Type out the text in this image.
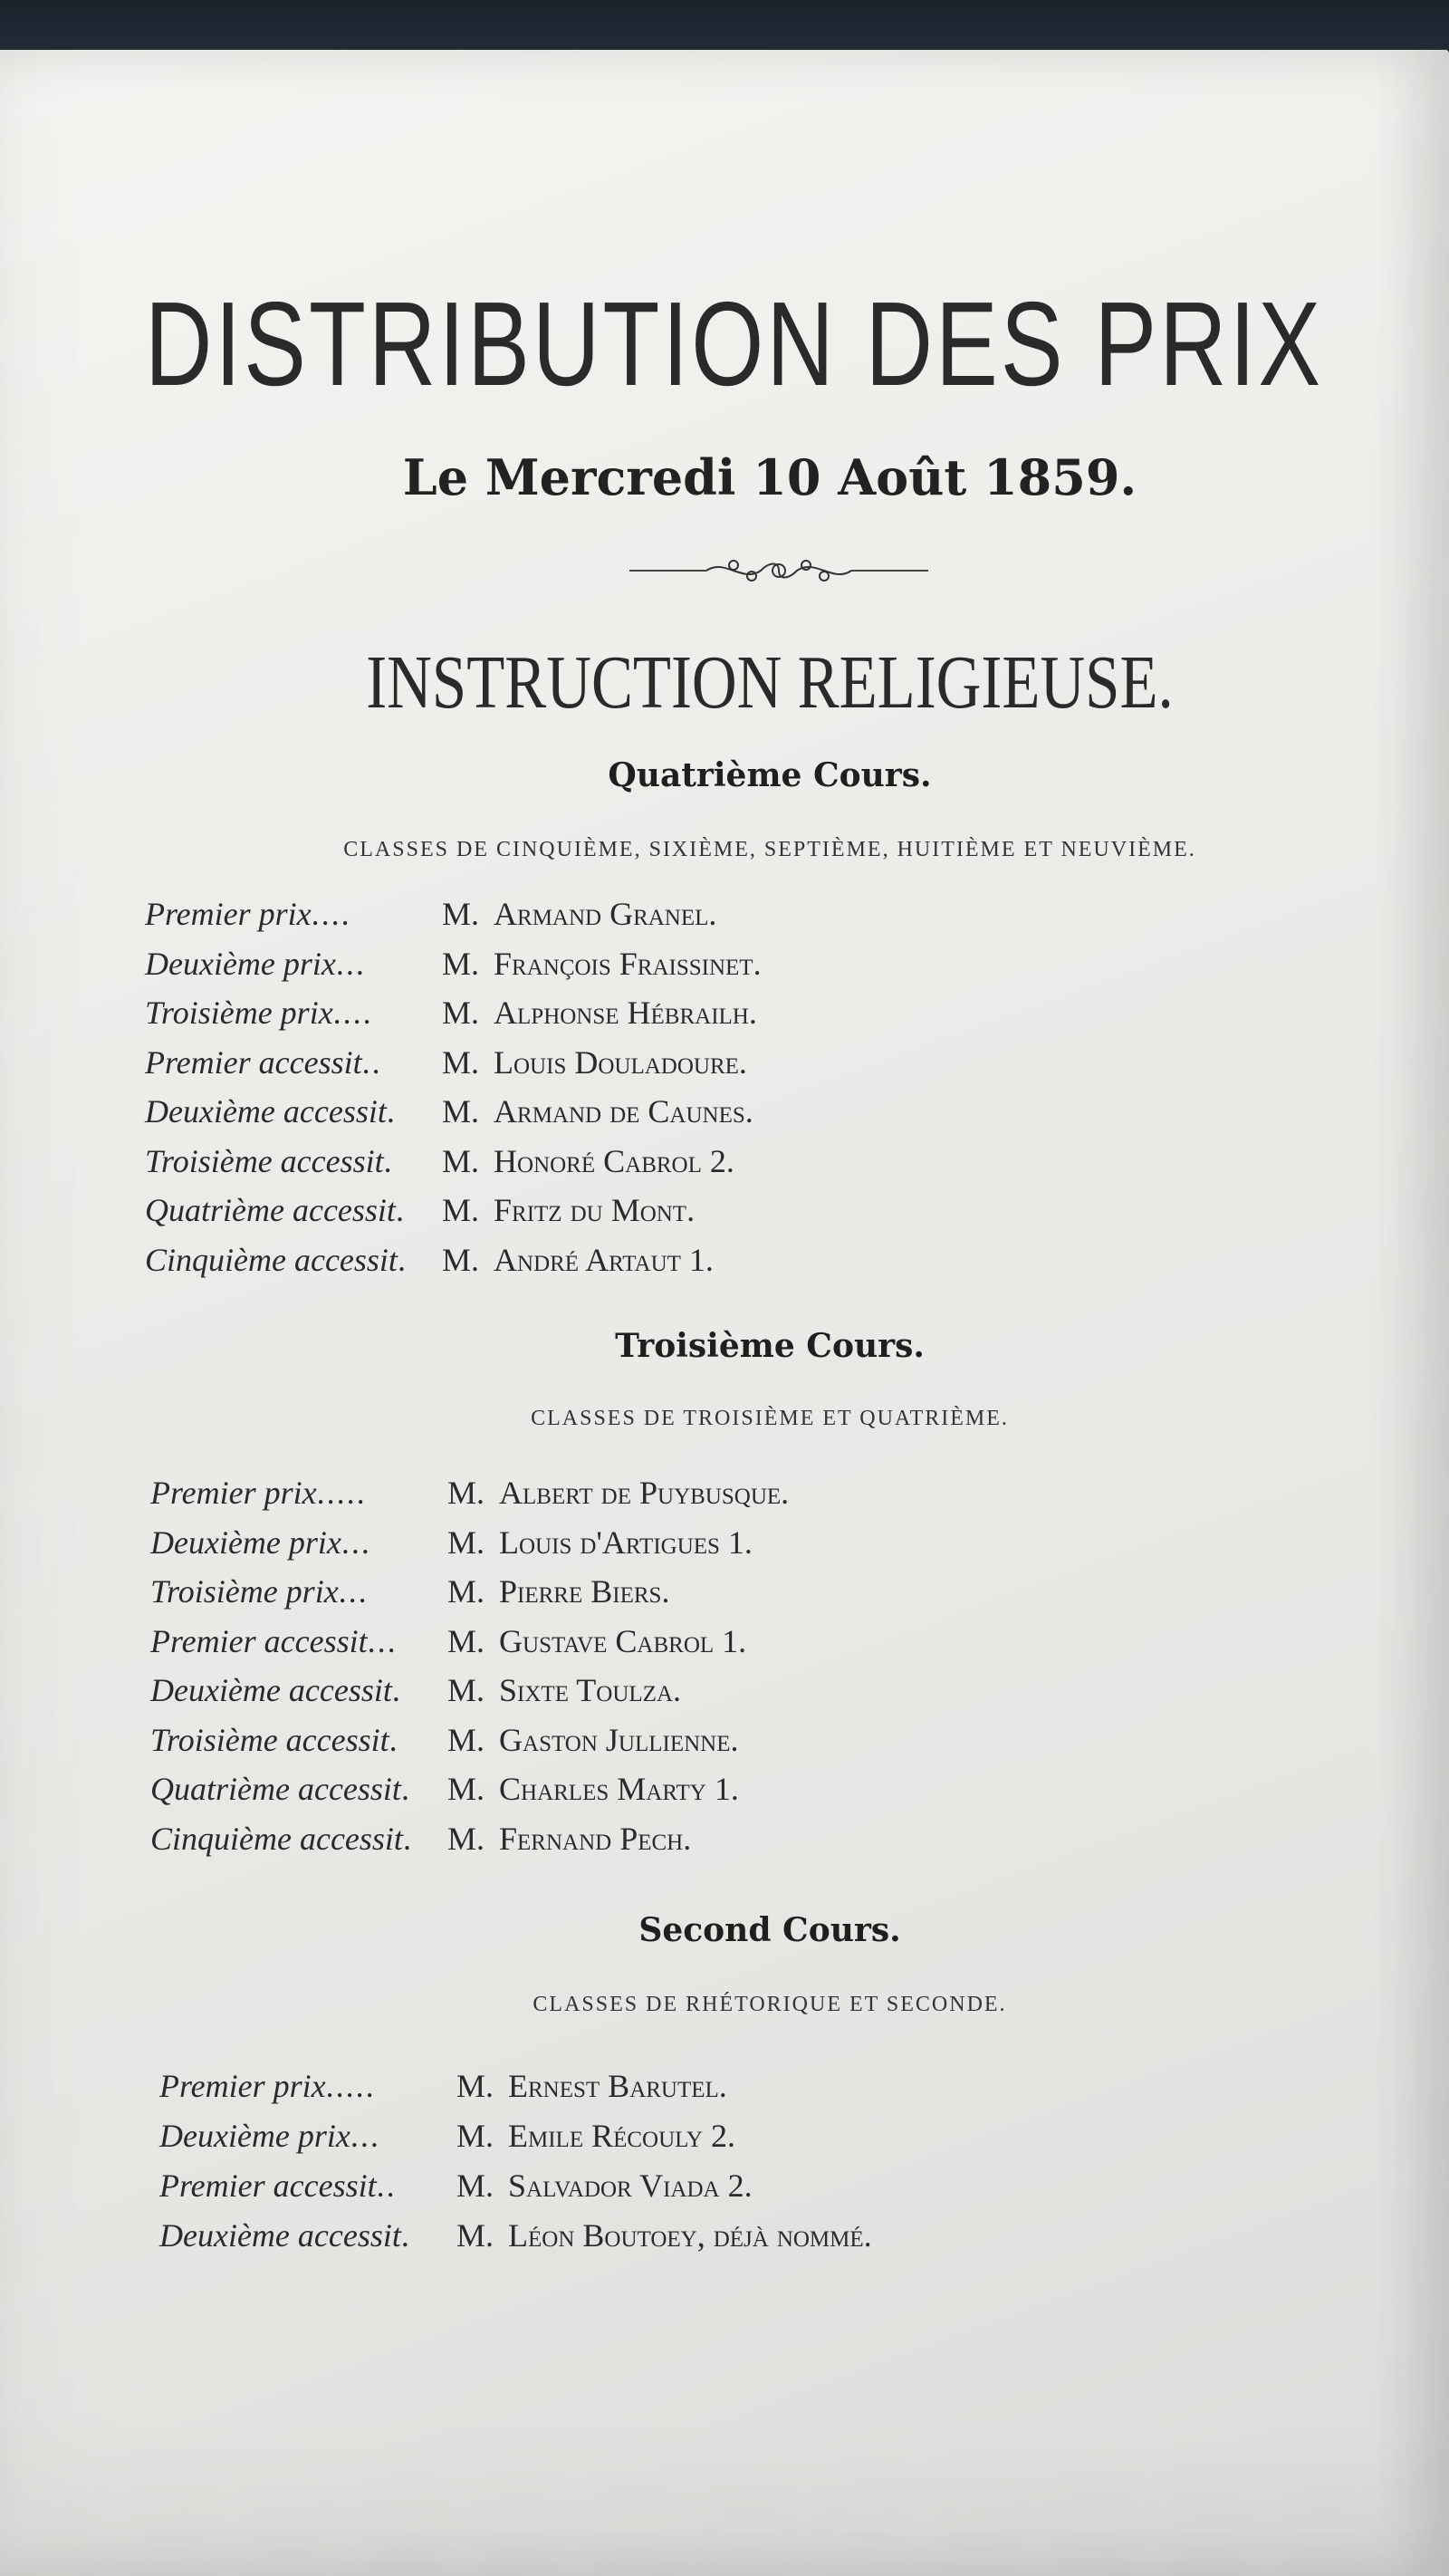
DISTRIBUTION DES PRIX
Le Mercredi 10 Août 1859.
INSTRUCTION RELIGIEUSE.
Quatrième Cours.
CLASSES DE CINQUIÈME, SIXIÈME, SEPTIÈME, HUITIÈME ET NEUVIÈME.
Premier prix....	M. Armand Granel.
Deuxième prix... M. François Fraissinet.
Troisième prix.... M. Alphonse Hébrailh.
Premier accessit.. M. Louis Douladoure.
Deuxième accessit. M. Armand de Caunes.
Troisième accessit. M. Honoré Cabrol 2.
Quatrième accessit. M. Fritz du Mont.
Cinquième accessit. M. André Artaut 1.
Troisième Cours.
CLASSES DE TROISIÈME ET QUATRIÈME.
Premier prix..... M. Albert de Puybusque.
Deuxième prix... M. Louis d'Artigues 1.
Troisième prix... M. Pierre Biers.
Premier accessit... M. Gustave Cabrol 1.
Deuxième accessit. M. Sixte Toulza.
Troisième accessit. M. Gaston Jullienne.
Quatrième accessit. M. Charles Marty 1.
Cinquième accessit. M. Fernand Pech.
Second Cours.
CLASSES DE RHÉTORIQUE ET SECONDE.
Premier prix..... M. Ernest Barutel.
Deuxième prix... M. Emile Récouly 2.
Premier accessit.. M. Salvador Viada 2.
Deuxième accessit. M. Léon Boutoey, déjà nommé.
